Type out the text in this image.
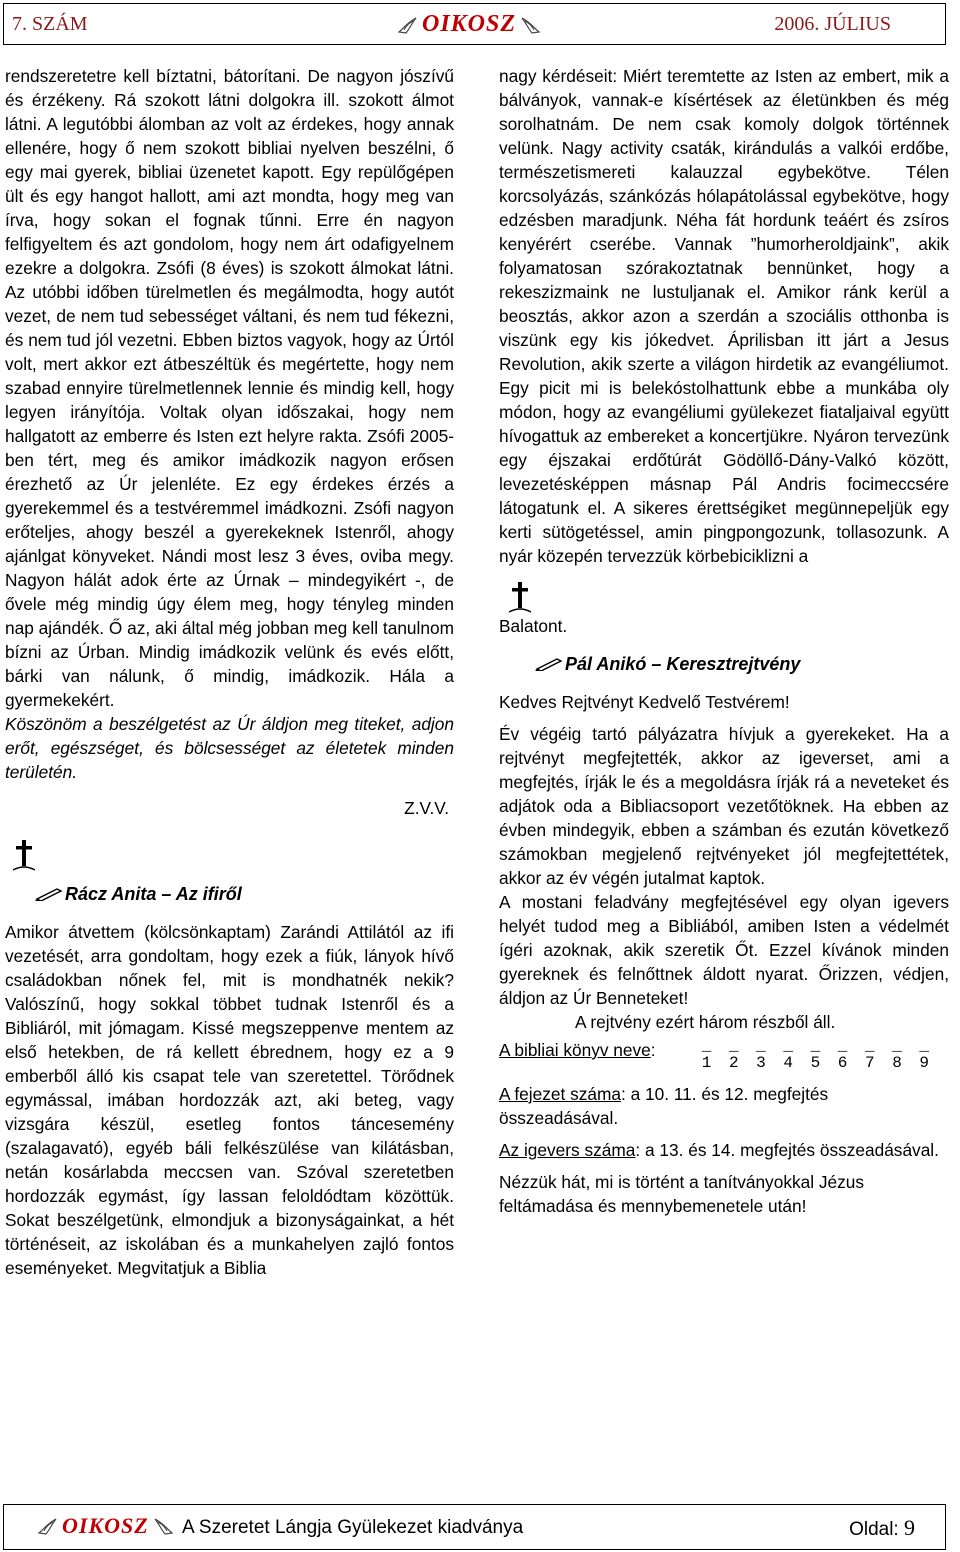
7. SZÁM	OIKOSZ	2006. JÚLIUS

rendszeretetre kell bíztatni, bátorítani. De nagyon jószívű és érzékeny. Rá szokott látni dolgokra ill. szokott álmot látni. A legutóbbi álomban az volt az érdekes, hogy annak ellenére, hogy ő nem szokott bibliai nyelven beszélni, ő egy mai gyerek, bibliai üzenetet kapott. Egy repülőgépen ült és egy hangot hallott, ami azt mondta, hogy meg van írva, hogy sokan el fognak tűnni. Erre én nagyon felfigyeltem és azt gondolom, hogy nem árt odafigyelnem ezekre a dolgokra. Zsófi (8 éves) is szokott álmokat látni. Az utóbbi időben türelmetlen és megálmodta, hogy autót vezet, de nem tud sebességet váltani, és nem tud fékezni, és nem tud jól vezetni. Ebben biztos vagyok, hogy az Úrtól volt, mert akkor ezt átbeszéltük és megértette, hogy nem szabad ennyire türelmetlennek lennie és mindig kell, hogy legyen irányítója. Voltak olyan időszakai, hogy nem hallgatott az emberre és Isten ezt helyre rakta. Zsófi 2005-ben tért, meg és amikor imádkozik nagyon erősen érezhető az Úr jelenléte. Ez egy érdekes érzés a gyerekemmel és a testvéremmel imádkozni. Zsófi nagyon erőteljes, ahogy beszél a gyerekeknek Istenről, ahogy ajánlgat könyveket. Nándi most lesz 3 éves, oviba megy. Nagyon hálát adok érte az Úrnak – mindegyikért -, de ővele még mindig úgy élem meg, hogy tényleg minden nap ajándék. Ő az, aki által még jobban meg kell tanulnom bízni az Úrban. Mindig imádkozik velünk és evés előtt, bárki van nálunk, ő mindig, imádkozik. Hála a gyermekekért.

Köszönöm a beszélgetést az Úr áldjon meg titeket, adjon erőt, egészséget, és bölcsességet az életetek minden területén.

Z.V.V.

Rácz Anita – Az ifiről

Amikor átvettem (kölcsönkaptam) Zarándi Attilától az ifi vezetését, arra gondoltam, hogy ezek a fiúk, lányok hívő családokban nőnek fel, mit is mondhatnék nekik? Valószínű, hogy sokkal többet tudnak Istenről és a Bibliáról, mit jómagam. Kissé megszeppenve mentem az első hetekben, de rá kellett ébrednem, hogy ez a 9 emberből álló kis csapat tele van szeretettel. Törődnek egymással, imában hordozzák azt, aki beteg, vagy vizsgára készül, esetleg fontos táncesemény (szalagavató), egyéb báli felkészülése van kilátásban, netán kosárlabda meccsen van. Szóval szeretetben hordozzák egymást, így lassan feloldódtam közöttük. Sokat beszélgetünk, elmondjuk a bizonyságainkat, a hét történéseit, az iskolában és a munkahelyen zajló fontos eseményeket. Megvitatjuk a Biblia

nagy kérdéseit: Miért teremtette az Isten az embert, mik a bálványok, vannak-e kísértések az életünkben és még sorolhatnám. De nem csak komoly dolgok történnek velünk. Nagy activity csaták, kirándulás a valkói erdőbe, természetismereti kalauzzal egybekötve. Télen korcsolyázás, szánkózás hólapátolással egybekötve, hogy edzésben maradjunk. Néha fát hordunk teáért és zsíros kenyérért cserébe. Vannak ”humorheroldjaink”, akik folyamatosan szórakoztatnak bennünket, hogy a rekeszizmaink ne lustuljanak el. Amikor ránk kerül a beosztás, akkor azon a szerdán a szociális otthonba is viszünk egy kis jókedvet. Áprilisban itt járt a Jesus Revolution, akik szerte a világon hirdetik az evangéliumot. Egy picit mi is belekóstolhattunk ebbe a munkába oly módon, hogy az evangéliumi gyülekezet fiataljaival együtt hívogattuk az embereket a koncertjükre. Nyáron tervezünk egy éjszakai erdőtúrát Gödöllő-Dány-Valkó között, levezetésképpen másnap Pál Andris focimeccsére látogatunk el. A sikeres érettségiket megünnepeljük egy kerti sütögetéssel, amin pingpongozunk, tollasozunk. A nyár közepén tervezzük körbebiciklizni a

Balatont.

Pál Anikó – Keresztrejtvény

Kedves Rejtvényt Kedvelő Testvérem!

Év végéig tartó pályázatra hívjuk a gyerekeket. Ha a rejtvényt megfejtették, akkor az igeverset, ami a megfejtés, írják le és a megoldásra írják rá a neveteket és adjátok oda a Bibliacsoport vezetőtöknek. Ha ebben az évben mindegyik, ebben a számban és ezután következő számokban megjelenő rejtvényeket jól megfejtettétek, akkor az év végén jutalmat kaptok.

A mostani feladvány megfejtésével egy olyan igevers helyét tudod meg a Bibliából, amiben Isten a védelmét ígéri azoknak, akik szeretik Őt. Ezzel kívánok minden gyereknek és felnőttnek áldott nyarat. Őrizzen, védjen, áldjon az Úr Benneteket!

A rejtvény ezért három részből áll.

A bibliai könyv neve:	_ _ _ _ _ _ _ _ _
1 2 3 4 5 6 7 8 9

A fejezet száma: a 10. 11. és 12. megfejtés összeadásával.

Az igevers száma: a 13. és 14. megfejtés összeadásával.

Nézzük hát, mi is történt a tanítványokkal Jézus feltámadása és mennybemenetele után!

OIKOSZ A Szeretet Lángja Gyülekezet kiadványa	Oldal: 9
